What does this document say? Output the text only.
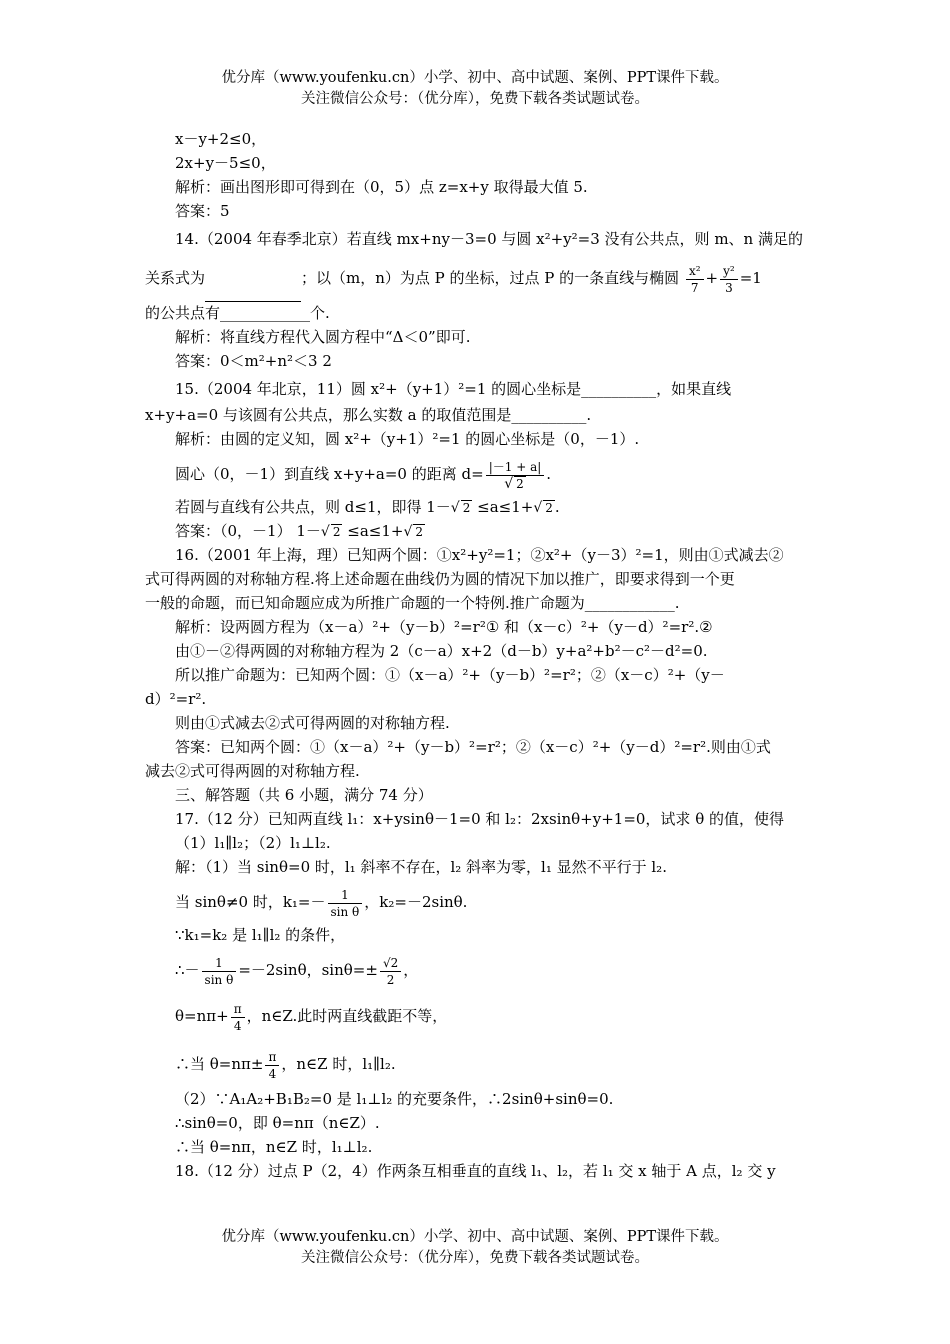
优分库（www.youfenku.cn）小学、初中、高中试题、案例、PPT课件下载。
关注微信公众号：（优分库），免费下载各类试题试卷。
x－y+2≤0，
2x+y－5≤0，
解析：画出图形即可得到在（0，5）点 z=x+y 取得最大值 5.
答案：5
14.（2004 年春季北京）若直线 mx+ny－3=0 与圆 x²+y²=3 没有公共点，则 m、n 满足的
关系式为	；以（m，n）为点 P 的坐标，过点 P 的一条直线与椭圆 $\frac{\text{x²}}{7} + \frac{\text{y²}}{3} =1$
的公共点有____________个.
解析：将直线方程代入圆方程中“Δ＜0”即可.
答案：0＜m²+n²＜3 2
15.（2004 年北京，11）圆 x²+（y+1）²=1 的圆心坐标是__________，如果直线
x+y+a=0 与该圆有公共点，那么实数 a 的取值范围是__________.
解析：由圆的定义知，圆 x²+（y+1）²=1 的圆心坐标是（0，－1）.
圆心（0，－1）到直线 x+y+a=0 的距离 $d= \frac{|-1 + a|}{√ 2}$ .
若圆与直线有公共点，则 d≤1，即得 1－√ 2 ≤a≤1+√ 2 .
答案：（0，－1） 1－√ 2 ≤a≤1+√ 2
16.（2001 年上海，理）已知两个圆：①x²+y²=1；②x²+（y－3）²=1，则由①式减去②
式可得两圆的对称轴方程.将上述命题在曲线仍为圆的情况下加以推广，即要求得到一个更
一般的命题，而已知命题应成为所推广命题的一个特例.推广命题为____________.
解析：设两圆方程为（x－a）²+（y－b）²=r²① 和（x－c）²+（y－d）²=r².②
由①－②得两圆的对称轴方程为 2（c－a）x+2（d－b）y+a²+b²－c²－d²=0.
所以推广命题为：已知两个圆：①（x－a）²+（y－b）²=r²；②（x－c）²+（y－
d）²=r².
则由①式减去②式可得两圆的对称轴方程.
答案：已知两个圆：①（x－a）²+（y－b）²=r²；②（x－c）²+（y－d）²=r².则由①式
减去②式可得两圆的对称轴方程.
三、解答题（共 6 小题，满分 74 分）
17.（12 分）已知两直线 l₁：x+ysinθ－1=0 和 l₂：2xsinθ+y+1=0，试求 θ 的值，使得
（1）l₁∥l₂；（2）l₁⊥l₂.
解：（1）当 sinθ=0 时，l₁ 斜率不存在，l₂ 斜率为零，l₁ 显然不平行于 l₂.
当 sinθ≠0 时，$k_1=- \frac{1}{\text{sin θ}}$ ，k₂=－2sinθ.
∵k₁=k₂ 是 l₁∥l₂ 的条件，
∴－ $\frac{1}{\text{sin θ}} =-2\sin\theta$，$\sin\theta=\pm \frac{√2}{2}$ ，
$\theta=n\pi+ \frac{\pi}{4}$ ，n∈Z.此时两直线截距不等，
∴当 $\theta=n\pi\pm \frac{\pi}{4}$ ，n∈Z 时，l₁∥l₂.
（2）∵A₁A₂+B₁B₂=0 是 l₁⊥l₂ 的充要条件，∴2sinθ+sinθ=0.
∴sinθ=0，即 θ=nπ（n∈Z）.
∴当 θ=nπ，n∈Z 时，l₁⊥l₂.
18.（12 分）过点 P（2，4）作两条互相垂直的直线 l₁、l₂，若 l₁ 交 x 轴于 A 点，l₂ 交 y
优分库（www.youfenku.cn）小学、初中、高中试题、案例、PPT课件下载。
关注微信公众号：（优分库），免费下载各类试题试卷。
